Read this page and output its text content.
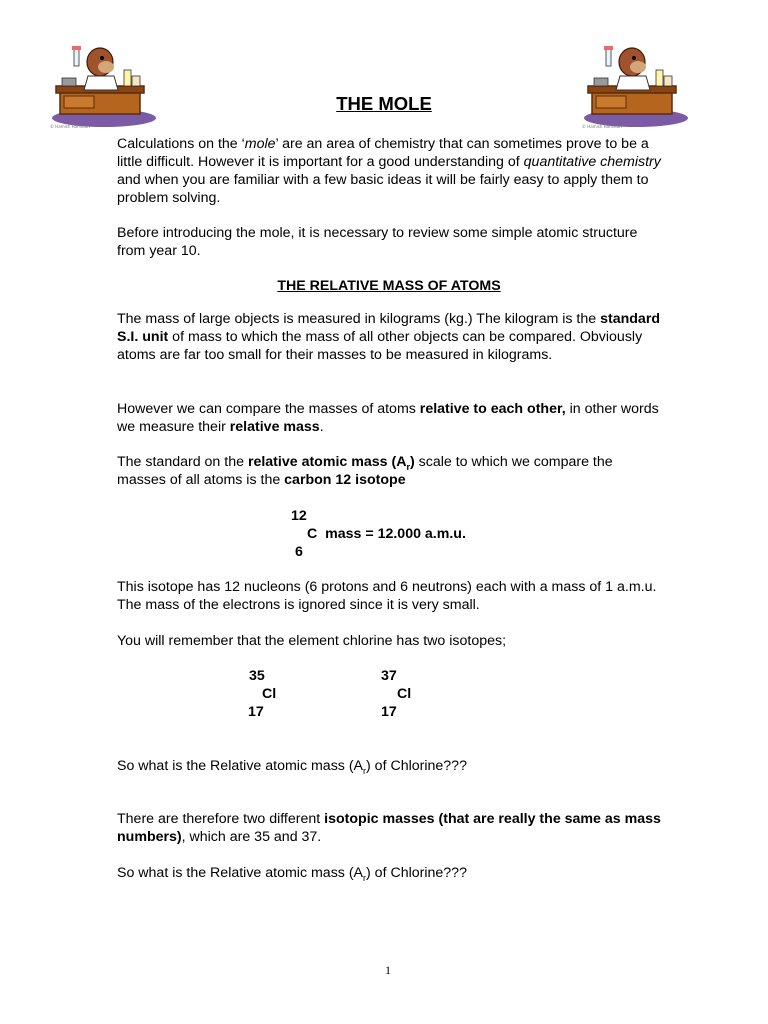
© Hamish Hamilton	© Hamish Hamilton
THE MOLE

Calculations on the ‘mole’ are an area of chemistry that can sometimes prove to be a little difficult. However it is important for a good understanding of quantitative chemistry and when you are familiar with a few basic ideas it will be fairly easy to apply them to problem solving.

Before introducing the mole, it is necessary to review some simple atomic structure from year 10.

THE RELATIVE MASS OF ATOMS

The mass of large objects is measured in kilograms (kg.) The kilogram is the standard S.I. unit of mass to which the mass of all other objects can be compared. Obviously atoms are far too small for their masses to be measured in kilograms.

However we can compare the masses of atoms relative to each other, in other words we measure their relative mass.

The standard on the relative atomic mass $(A_r)$ scale to which we compare the masses of all atoms is the carbon 12 isotope

12
C  mass = 12.000 a.m.u.
6

This isotope has 12 nucleons (6 protons and 6 neutrons) each with a mass of 1 a.m.u. The mass of the electrons is ignored since it is very small.

You will remember that the element chlorine has two isotopes;

35
Cl
17
37
Cl
17

So what is the Relative atomic mass $(A_r)$ of Chlorine???

There are therefore two different isotopic masses (that are really the same as mass numbers), which are 35 and 37.

So what is the Relative atomic mass $(A_r)$ of Chlorine???

1
